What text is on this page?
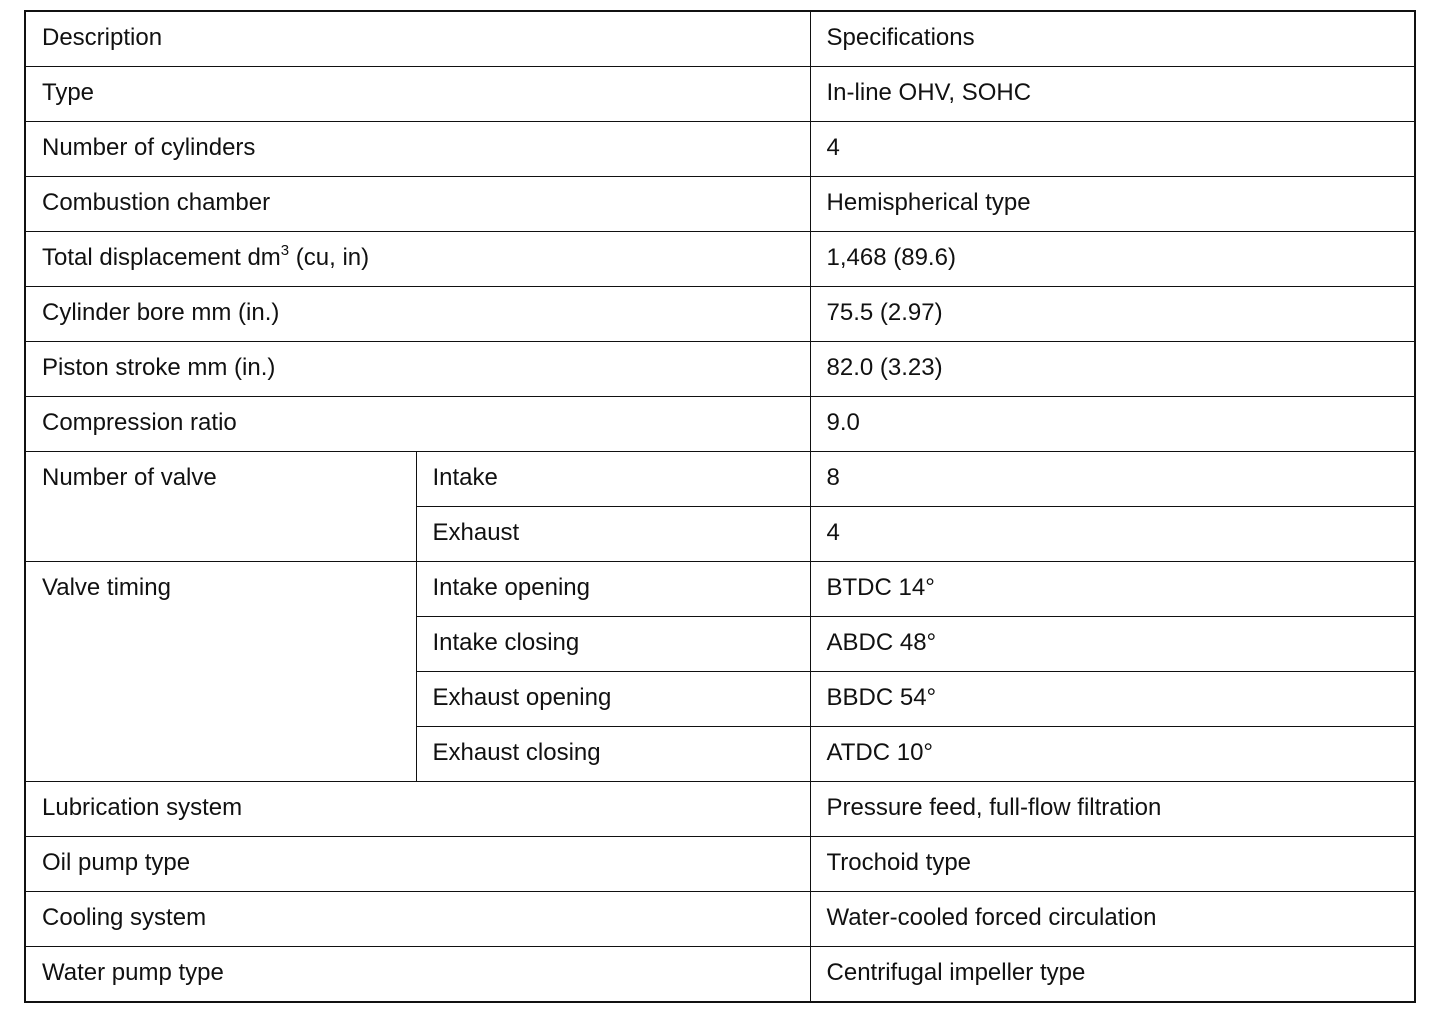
Description		Specifications
Type		In-line OHV, SOHC
Number of cylinders		4
Combustion chamber		Hemispherical type
Total displacement $dm^3$ (cu, in)		1,468 (89.6)
Cylinder bore mm (in.)		75.5 (2.97)
Piston stroke mm (in.)		82.0 (3.23)
Compression ratio		9.0
Number of valve	Intake	8
	Exhaust	4
Valve timing	Intake opening	BTDC 14°
	Intake closing	ABDC 48°
	Exhaust opening	BBDC 54°
	Exhaust closing	ATDC 10°
Lubrication system		Pressure feed, full-flow filtration
Oil pump type		Trochoid type
Cooling system		Water-cooled forced circulation
Water pump type		Centrifugal impeller type
